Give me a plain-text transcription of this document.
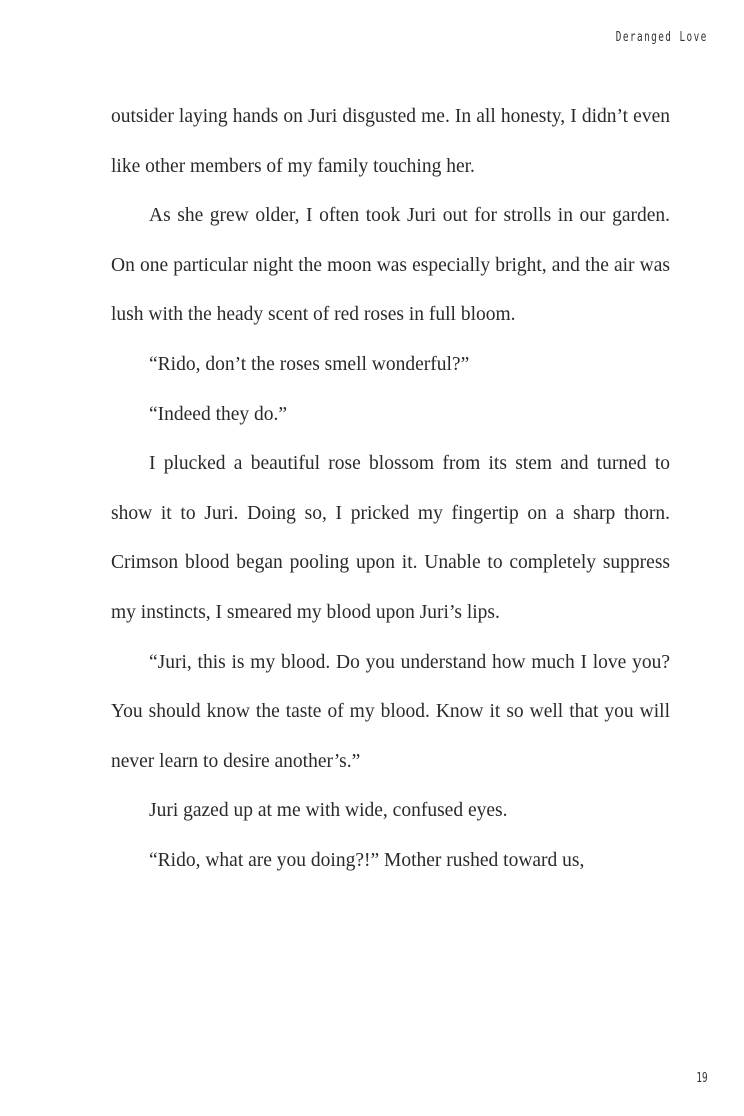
Deranged Love

outsider laying hands on Juri disgusted me. In all honesty, I didn’t even like other members of my family touching her.

As she grew older, I often took Juri out for strolls in our garden. On one particular night the moon was especially bright, and the air was lush with the heady scent of red roses in full bloom.

“Rido, don’t the roses smell wonderful?”

“Indeed they do.”

I plucked a beautiful rose blossom from its stem and turned to show it to Juri. Doing so, I pricked my fingertip on a sharp thorn. Crimson blood began pooling upon it. Unable to completely suppress my instincts, I smeared my blood upon Juri’s lips.

“Juri, this is my blood. Do you understand how much I love you? You should know the taste of my blood. Know it so well that you will never learn to desire another’s.”

Juri gazed up at me with wide, confused eyes.

“Rido, what are you doing?!” Mother rushed toward us,

19
